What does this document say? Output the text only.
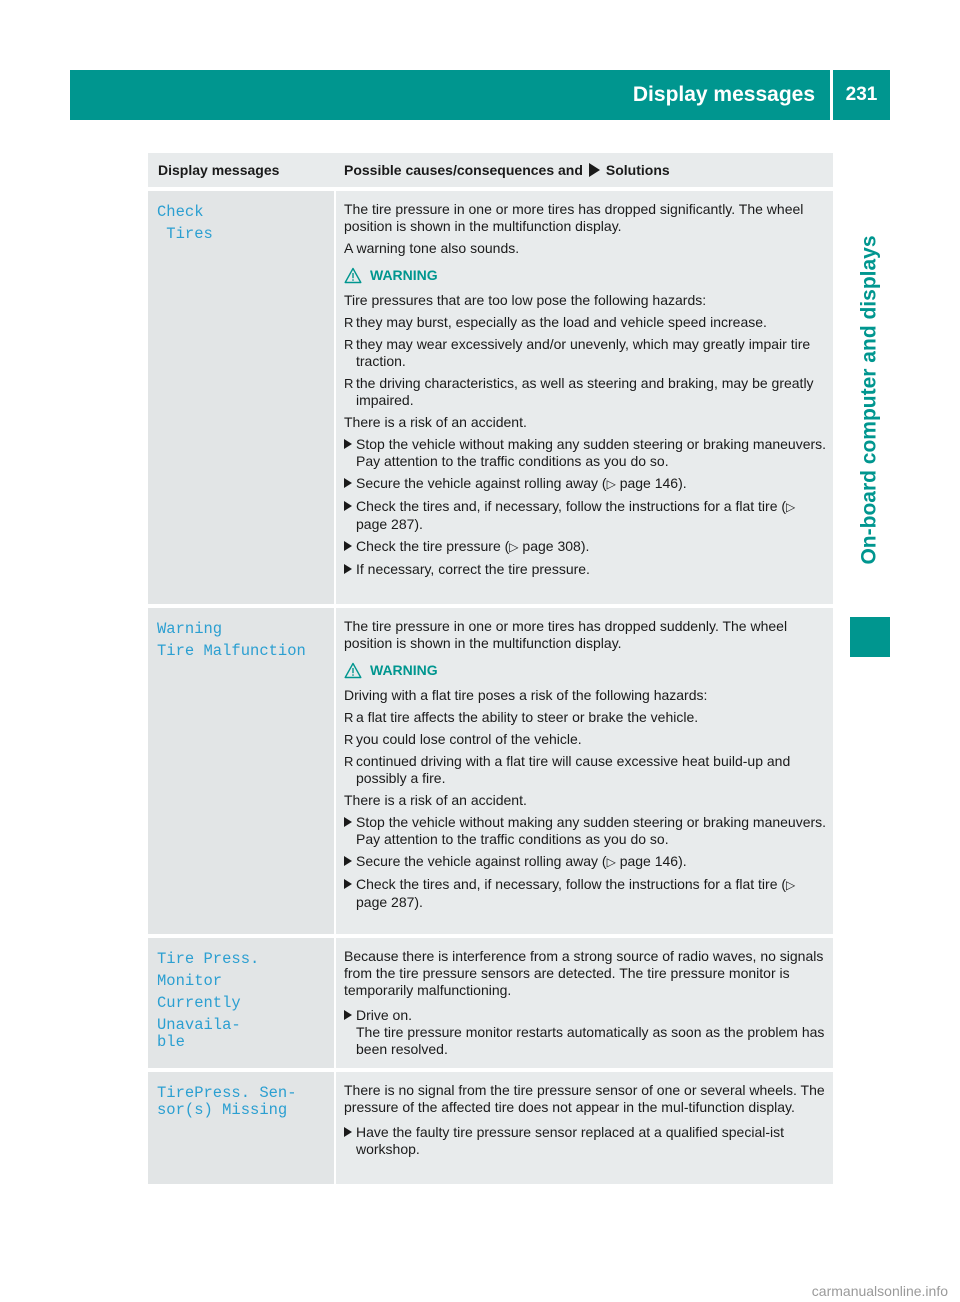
Display messages	231
On-board computer and displays
Display messages	Possible causes/consequences and Solutions
Check
Tires

The tire pressure in one or more tires has dropped significantly. The wheel position is shown in the multifunction display.

A warning tone also sounds.

WARNING

Tire pressures that are too low pose the following hazards:

R they may burst, especially as the load and vehicle speed increase.
R they may wear excessively and/or unevenly, which may greatly impair tire traction.
R the driving characteristics, as well as steering and braking, may be greatly impaired.

There is a risk of an accident.

Stop the vehicle without making any sudden steering or braking maneuvers. Pay attention to the traffic conditions as you do so.
Secure the vehicle against rolling away (▷ page 146).
Check the tires and, if necessary, follow the instructions for a flat tire (▷ page 287).
Check the tire pressure (▷ page 308).
If necessary, correct the tire pressure.
Warning
Tire Malfunction

The tire pressure in one or more tires has dropped suddenly. The wheel position is shown in the multifunction display.

WARNING

Driving with a flat tire poses a risk of the following hazards:

R a flat tire affects the ability to steer or brake the vehicle.
R you could lose control of the vehicle.
R continued driving with a flat tire will cause excessive heat build-up and possibly a fire.

There is a risk of an accident.

Stop the vehicle without making any sudden steering or braking maneuvers. Pay attention to the traffic conditions as you do so.
Secure the vehicle against rolling away (▷ page 146).
Check the tires and, if necessary, follow the instructions for a flat tire (▷ page 287).
Tire Press. Monitor
Currently Unavaila‐
ble

Because there is interference from a strong source of radio waves, no signals from the tire pressure sensors are detected. The tire pressure monitor is temporarily malfunctioning.

Drive on.
The tire pressure monitor restarts automatically as soon as the problem has been resolved.
TirePress. Sen‐
sor(s) Missing

There is no signal from the tire pressure sensor of one or several wheels. The pressure of the affected tire does not appear in the mul‐tifunction display.

Have the faulty tire pressure sensor replaced at a qualified special‐ist workshop.
carmanualsonline.info
